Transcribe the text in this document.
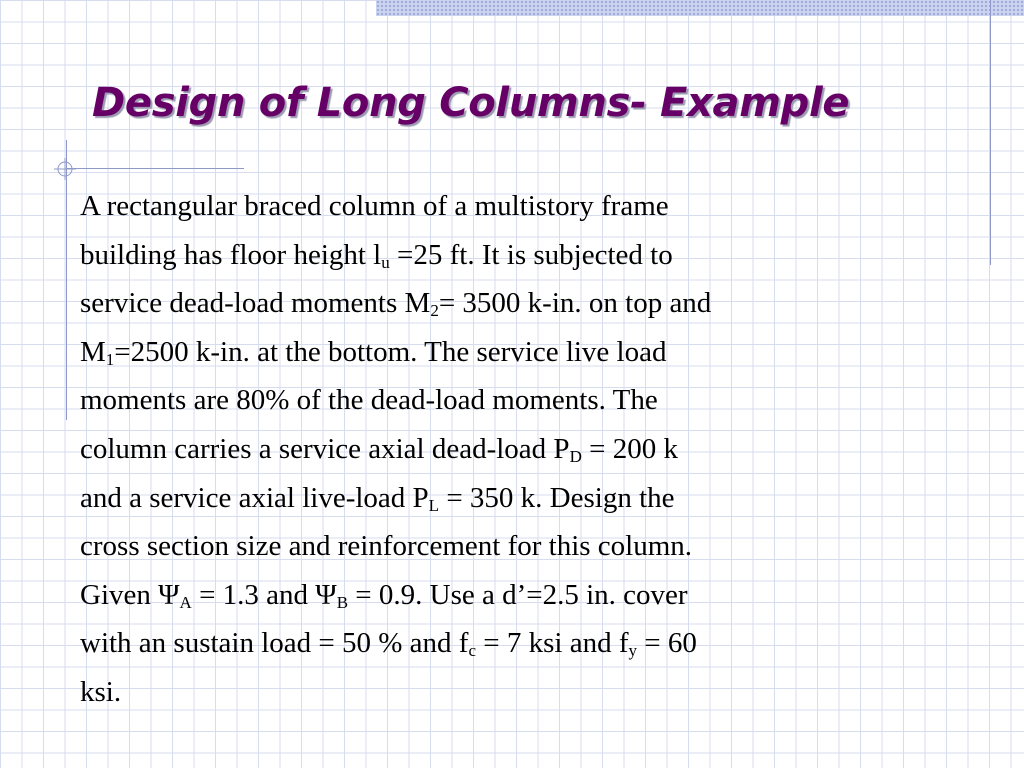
Design of Long Columns- Example
A rectangular braced column of a multistory frame
building has floor height $l_u =25$ ft. It is subjected to
service dead-load moments $M_2= 3500$ k-in. on top and
$M_1=2500$ k-in. at the bottom. The service live load
moments are 80% of the dead-load moments. The
column carries a service axial dead-load $P_D = 200$ k
and a service axial live-load $P_L = 350$ k. Design the
cross section size and reinforcement for this column.
Given $\Psi_A = 1.3$ and $\Psi_B = 0.9$. Use a d’=2.5 in. cover
with an sustain load = 50 % and $f_c = 7$ ksi and $f_y = 60$
ksi.
